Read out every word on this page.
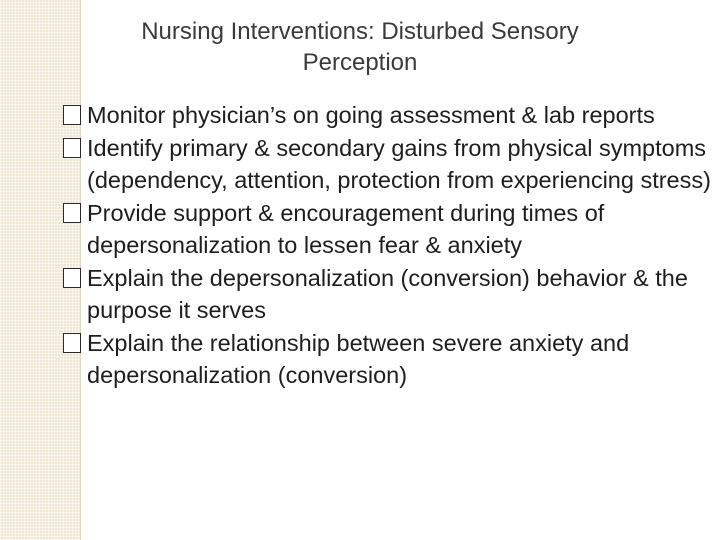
Nursing Interventions: Disturbed Sensory
Perception
Monitor physician’s on going assessment & lab reports
Identify primary & secondary gains from physical symptoms (dependency, attention, protection from experiencing stress)
Provide support & encouragement during times of depersonalization to lessen fear & anxiety
Explain the depersonalization (conversion) behavior & the purpose it serves
Explain the relationship between severe anxiety and depersonalization (conversion)
